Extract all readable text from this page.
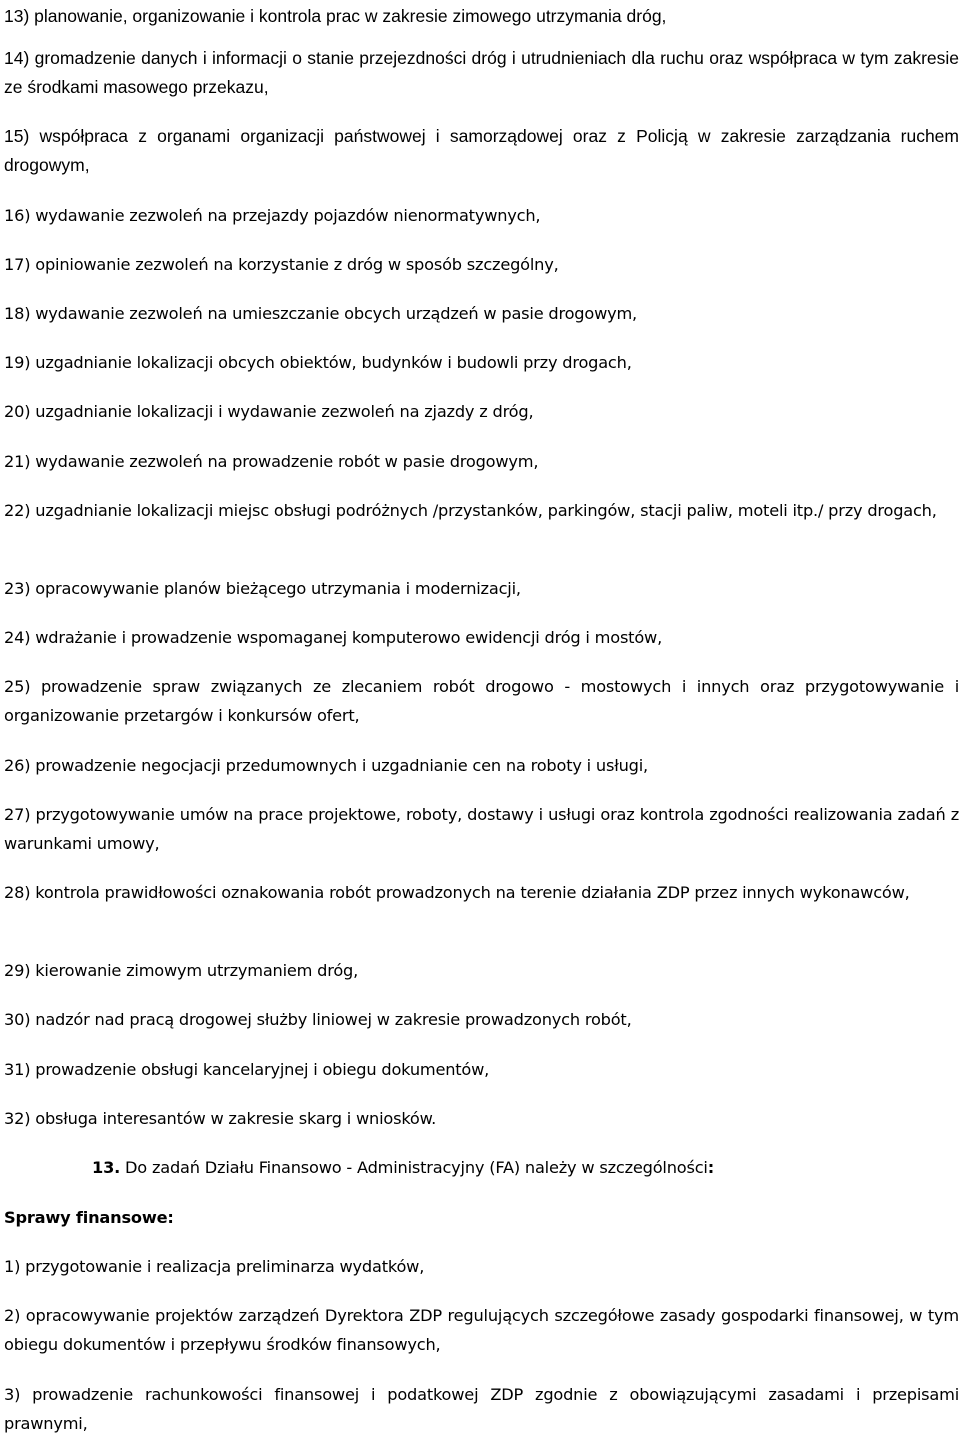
13) planowanie, organizowanie i kontrola prac w zakresie zimowego utrzymania dróg,
14) gromadzenie danych i informacji o stanie przejezdności dróg i utrudnieniach dla ruchu oraz współpraca w tym zakresie ze środkami masowego przekazu,
15) współpraca z organami organizacji państwowej i samorządowej oraz z Policją w zakresie zarządzania ruchem drogowym,
16) wydawanie zezwoleń na przejazdy pojazdów nienormatywnych,
17) opiniowanie zezwoleń na korzystanie z dróg w sposób szczególny,
18) wydawanie zezwoleń na umieszczanie obcych urządzeń w pasie drogowym,
19) uzgadnianie lokalizacji obcych obiektów, budynków i budowli przy drogach,
20) uzgadnianie lokalizacji i wydawanie zezwoleń na zjazdy z dróg,
21) wydawanie zezwoleń na prowadzenie robót w pasie drogowym,
22) uzgadnianie lokalizacji miejsc obsługi podróżnych /przystanków, parkingów, stacji paliw, moteli itp./ przy drogach,
23) opracowywanie planów bieżącego utrzymania i modernizacji,
24) wdrażanie i prowadzenie wspomaganej komputerowo ewidencji dróg i mostów,
25) prowadzenie spraw związanych ze zlecaniem robót drogowo - mostowych i innych oraz przygotowywanie i organizowanie przetargów i konkursów ofert,
26) prowadzenie negocjacji przedumownych i uzgadnianie cen na roboty i usługi,
27) przygotowywanie umów na prace projektowe, roboty, dostawy i usługi oraz kontrola zgodności realizowania zadań z warunkami umowy,
28) kontrola prawidłowości oznakowania robót prowadzonych na terenie działania ZDP przez innych wykonawców,
29) kierowanie zimowym utrzymaniem dróg,
30) nadzór nad pracą drogowej służby liniowej w zakresie prowadzonych robót,
31) prowadzenie obsługi kancelaryjnej i obiegu dokumentów,
32) obsługa interesantów w zakresie skarg i wniosków.
13. Do zadań Działu Finansowo - Administracyjny (FA) należy w szczególności:
Sprawy finansowe:
1) przygotowanie i realizacja preliminarza wydatków,
2) opracowywanie projektów zarządzeń Dyrektora ZDP regulujących szczegółowe zasady gospodarki finansowej, w tym obiegu dokumentów i przepływu środków finansowych,
3) prowadzenie rachunkowości finansowej i podatkowej ZDP zgodnie z obowiązującymi zasadami i przepisami prawnymi,
